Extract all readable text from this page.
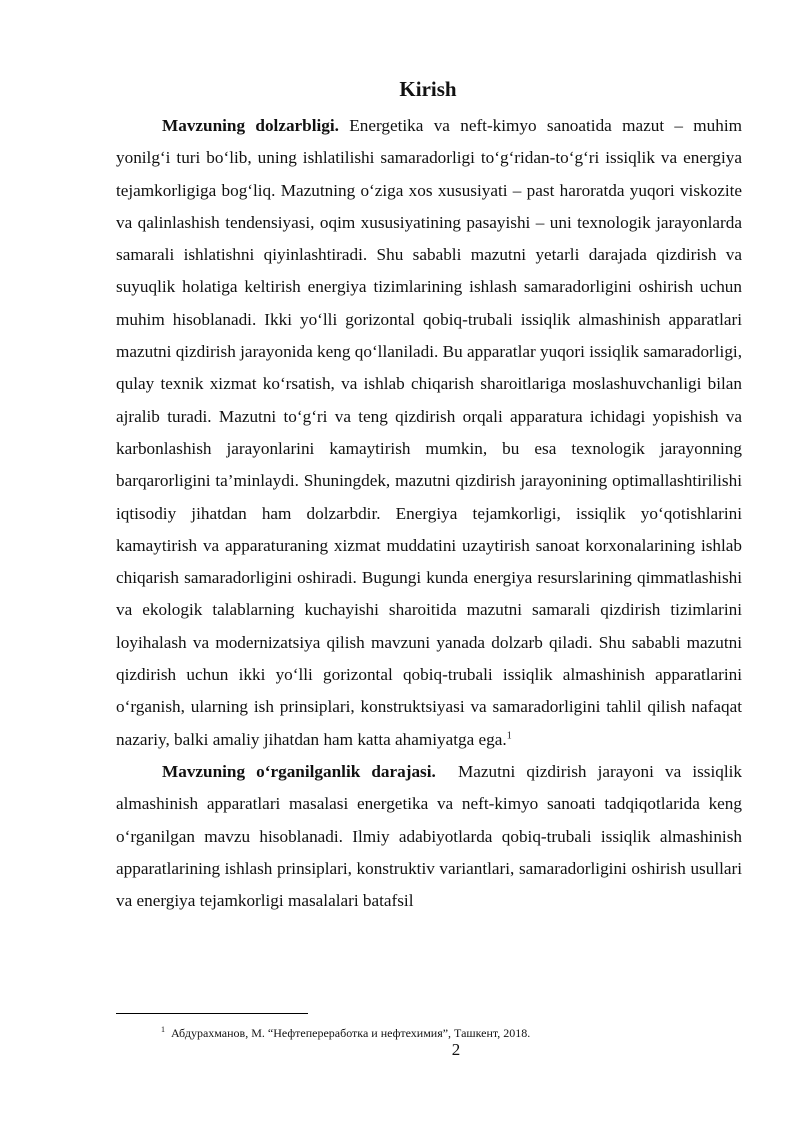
Kirish

Mavzuning dolzarbligi. Energetika va neft-kimyo sanoatida mazut – muhim yonilg‘i turi bo‘lib, uning ishlatilishi samaradorligi to‘g‘ridan-to‘g‘ri issiqlik va energiya tejamkorligiga bog‘liq. Mazutning o‘ziga xos xususiyati – past haroratda yuqori viskozite va qalinlashish tendensiyasi, oqim xususiyatining pasayishi – uni texnologik jarayonlarda samarali ishlatishni qiyinlashtiradi. Shu sababli mazutni yetarli darajada qizdirish va suyuqlik holatiga keltirish energiya tizimlarining ishlash samaradorligini oshirish uchun muhim hisoblanadi. Ikki yo‘lli gorizontal qobiq-trubali issiqlik almashinish apparatlari mazutni qizdirish jarayonida keng qo‘llaniladi. Bu apparatlar yuqori issiqlik samaradorligi, qulay texnik xizmat ko‘rsatish, va ishlab chiqarish sharoitlariga moslashuvchanligi bilan ajralib turadi. Mazutni to‘g‘ri va teng qizdirish orqali apparatura ichidagi yopishish va karbonlashish jarayonlarini kamaytirish mumkin, bu esa texnologik jarayonning barqarorligini ta’minlaydi. Shuningdek, mazutni qizdirish jarayonining optimallashtirilishi iqtisodiy jihatdan ham dolzarbdir. Energiya tejamkorligi, issiqlik yo‘qotishlarini kamaytirish va apparaturaning xizmat muddatini uzaytirish sanoat korxonalarining ishlab chiqarish samaradorligini oshiradi. Bugungi kunda energiya resurslarining qimmatlashishi va ekologik talablarning kuchayishi sharoitida mazutni samarali qizdirish tizimlarini loyihalash va modernizatsiya qilish mavzuni yanada dolzarb qiladi. Shu sababli mazutni qizdirish uchun ikki yo‘lli gorizontal qobiq-trubali issiqlik almashinish apparatlarini o‘rganish, ularning ish prinsiplari, konstruktsiyasi va samaradorligini tahlil qilish nafaqat nazariy, balki amaliy jihatdan ham katta ahamiyatga ega.$^1$

Mavzuning o‘rganilganlik darajasi.  Mazutni qizdirish jarayoni va issiqlik almashinish apparatlari masalasi energetika va neft-kimyo sanoati tadqiqotlarida keng o‘rganilgan mavzu hisoblanadi. Ilmiy adabiyotlarda qobiq-trubali issiqlik almashinish apparatlarining ishlash prinsiplari, konstruktiv variantlari, samaradorligini oshirish usullari va energiya tejamkorligi masalalari batafsil

$^1$ Абдурахманов, М. “Нефтепереработка и нефтехимия”, Ташкент, 2018.
2
